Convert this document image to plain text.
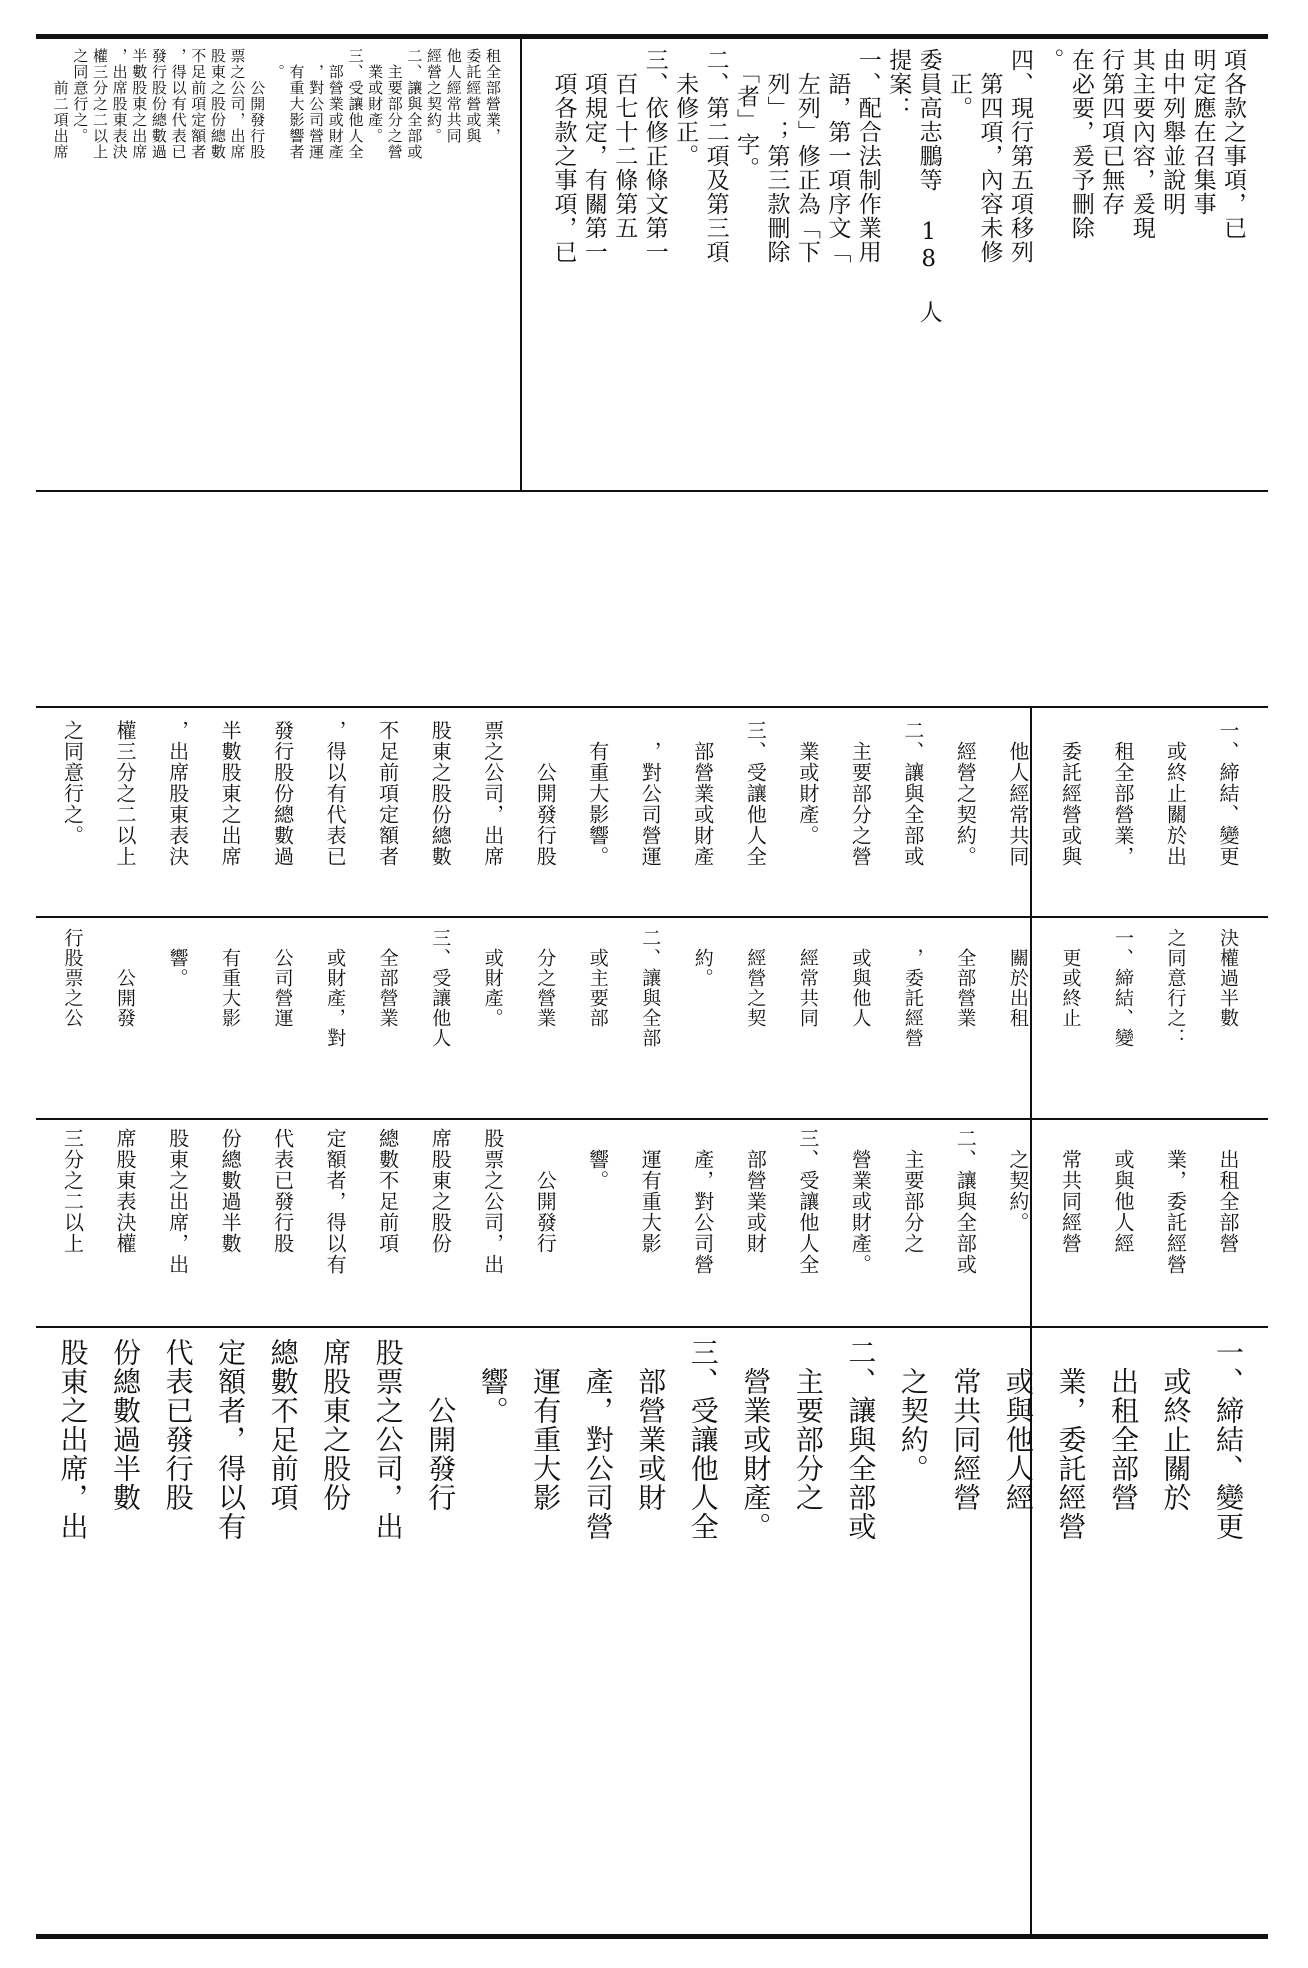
項各款之事項，已
明定應在召集事
由中列舉並說明
其主要內容，爰現
行第四項已無存
在必要，爰予刪除
。
四、現行第五項移列
　第四項，內容未修
　正。
委員高志鵬等 18 人
提案：
一、配合法制作業用
　語，第一項序文「
　左列」修正為「下
　列」；第三款刪除
　「者」字。
二、第二項及第三項
　未修正。
三、依修正條文第一
　百七十二條第五
　項規定，有關第一
　項各款之事項，已
租全部營業，
委託經營或與
他人經常共同
經營之契約。
二、讓與全部或
　主要部分之營
　業或財產。
三、受讓他人全
　部營業或財產
　，對公司營運
　有重大影響者
　。
　　公開發行股
票之公司，出席
股東之股份總數
不足前項定額者
，得以有代表已
發行股份總數過
半數股東之出席
，出席股東表決
權三分之二以上
之同意行之。
　　前二項出席
一、締結、變更
　或終止關於
　出租全部營
　業，委託經營
　或與他人經
　常共同經營
　之契約。
二、讓與全部或
　主要部分之
　營業或財產。
三、受讓他人全
　部營業或財
　產，對公司營
　運有重大影
　響。
　　公開發行
股票之公司，出
席股東之股份
總數不足前項
定額者，得以有
代表已發行股
份總數過半數
股東之出席，出
　出租全部營
　業，委託經營
　或與他人經
　常共同經營
　之契約。
二、讓與全部或
　主要部分之
　營業或財產。
三、受讓他人全
　部營業或財
　產，對公司營
　運有重大影
　響。
　　公開發行
股票之公司，出
席股東之股份
總數不足前項
定額者，得以有
代表已發行股
份總數過半數
股東之出席，出
席股東表決權
三分之二以上
決權過半數
之同意行之：
一、締結、變
　更或終止
　關於出租
　全部營業
　，委託經營
　或與他人
　經常共同
　經營之契
　約。
二、讓與全部
　或主要部
　分之營業
　或財產。
三、受讓他人
　全部營業
　或財產，對
　公司營運
　有重大影
　響。
　　公開發
行股票之公
一、締結、變更
　或終止關於出
　租全部營業，
　委託經營或與
　他人經常共同
　經營之契約。
二、讓與全部或
　主要部分之營
　業或財產。
三、受讓他人全
　部營業或財產
　，對公司營運
　有重大影響。
　　公開發行股
票之公司，出席
股東之股份總數
不足前項定額者
，得以有代表已
發行股份總數過
半數股東之出席
，出席股東表決
權三分之二以上
之同意行之。
